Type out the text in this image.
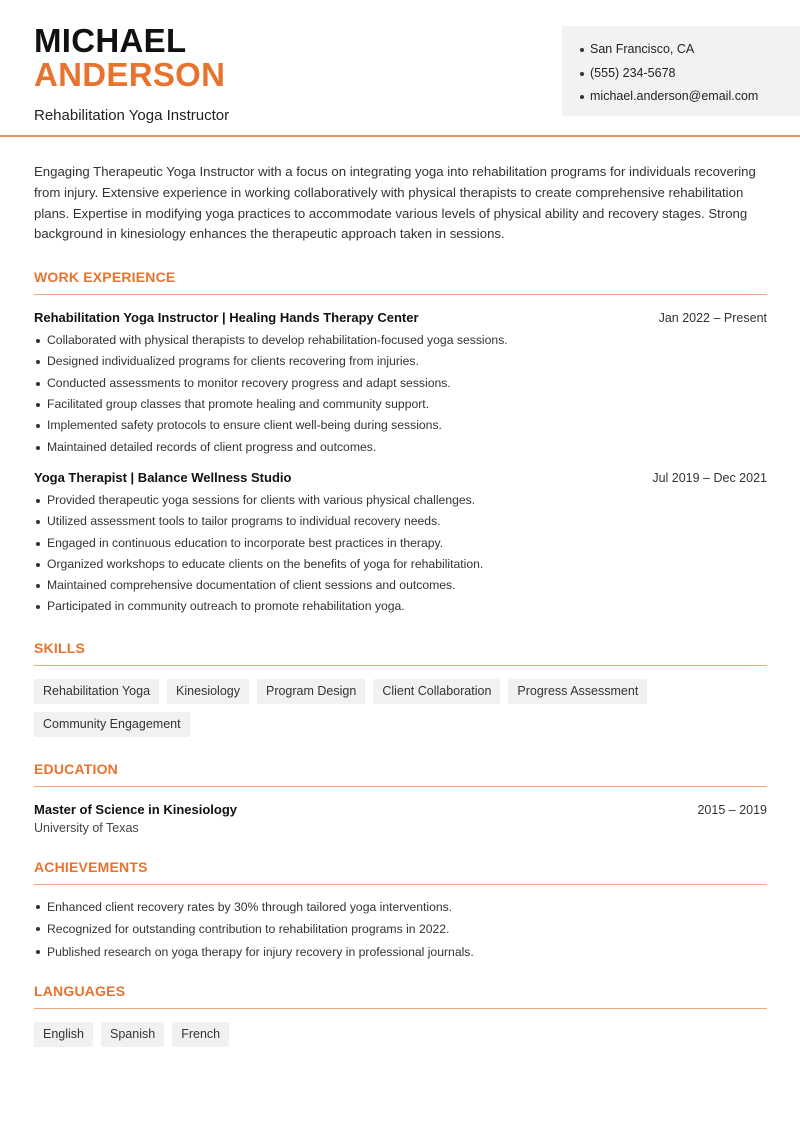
MICHAEL
ANDERSON
Rehabilitation Yoga Instructor
San Francisco, CA
(555) 234-5678
michael.anderson@email.com

Engaging Therapeutic Yoga Instructor with a focus on integrating yoga into rehabilitation programs for individuals recovering from injury. Extensive experience in working collaboratively with physical therapists to create comprehensive rehabilitation plans. Expertise in modifying yoga practices to accommodate various levels of physical ability and recovery stages. Strong background in kinesiology enhances the therapeutic approach taken in sessions.

WORK EXPERIENCE
Rehabilitation Yoga Instructor | Healing Hands Therapy Center	Jan 2022 – Present
Collaborated with physical therapists to develop rehabilitation-focused yoga sessions.
Designed individualized programs for clients recovering from injuries.
Conducted assessments to monitor recovery progress and adapt sessions.
Facilitated group classes that promote healing and community support.
Implemented safety protocols to ensure client well-being during sessions.
Maintained detailed records of client progress and outcomes.
Yoga Therapist | Balance Wellness Studio	Jul 2019 – Dec 2021
Provided therapeutic yoga sessions for clients with various physical challenges.
Utilized assessment tools to tailor programs to individual recovery needs.
Engaged in continuous education to incorporate best practices in therapy.
Organized workshops to educate clients on the benefits of yoga for rehabilitation.
Maintained comprehensive documentation of client sessions and outcomes.
Participated in community outreach to promote rehabilitation yoga.
SKILLS
Rehabilitation Yoga	Kinesiology	Program Design	Client Collaboration	Progress Assessment
Community Engagement
EDUCATION
Master of Science in Kinesiology	2015 – 2019
University of Texas
ACHIEVEMENTS
Enhanced client recovery rates by 30% through tailored yoga interventions.
Recognized for outstanding contribution to rehabilitation programs in 2022.
Published research on yoga therapy for injury recovery in professional journals.
LANGUAGES
English	Spanish	French
